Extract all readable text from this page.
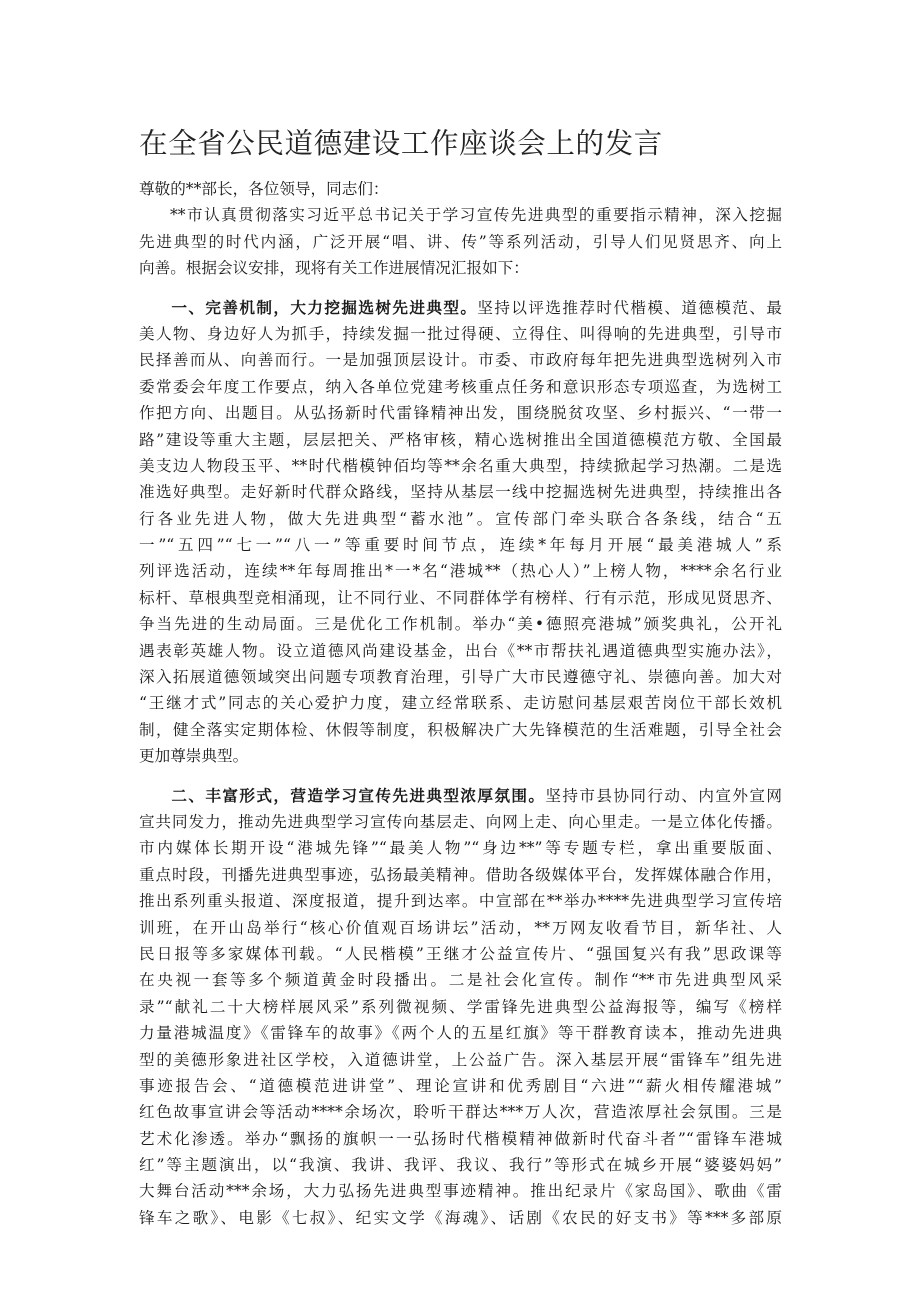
在全省公民道德建设工作座谈会上的发言
尊敬的**部长，各位领导，同志们：
**市认真贯彻落实习近平总书记关于学习宣传先进典型的重要指示精神，深入挖掘
先进典型的时代内涵，广泛开展“唱、讲、传”等系列活动，引导人们见贤思齐、向上
向善。根据会议安排，现将有关工作进展情况汇报如下：
一、完善机制，大力挖掘选树先进典型。坚持以评选推荐时代楷模、道德模范、最
美人物、身边好人为抓手，持续发掘一批过得硬、立得住、叫得响的先进典型，引导市
民择善而从、向善而行。一是加强顶层设计。市委、市政府每年把先进典型选树列入市
委常委会年度工作要点，纳入各单位党建考核重点任务和意识形态专项巡查，为选树工
作把方向、出题目。从弘扬新时代雷锋精神出发，围绕脱贫攻坚、乡村振兴、“一带一
路”建设等重大主题，层层把关、严格审核，精心选树推出全国道德模范方敬、全国最
美支边人物段玉平、**时代楷模钟佰均等**余名重大典型，持续掀起学习热潮。二是选
准选好典型。走好新时代群众路线，坚持从基层一线中挖掘选树先进典型，持续推出各
行各业先进人物，做大先进典型“蓄水池”。宣传部门牵头联合各条线，结合“五
一”“五四”“七一”“八一”等重要时间节点，连续*年每月开展“最美港城人”系
列评选活动，连续**年每周推出*一*名“港城**（热心人）”上榜人物，****余名行业
标杆、草根典型竞相涌现，让不同行业、不同群体学有榜样、行有示范，形成见贤思齐、
争当先进的生动局面。三是优化工作机制。举办“美•德照亮港城”颁奖典礼，公开礼
遇表彰英雄人物。设立道德风尚建设基金，出台《**市帮扶礼遇道德典型实施办法》，
深入拓展道德领域突出问题专项教育治理，引导广大市民遵德守礼、崇德向善。加大对
“王继才式”同志的关心爱护力度，建立经常联系、走访慰问基层艰苦岗位干部长效机
制，健全落实定期体检、休假等制度，积极解决广大先锋模范的生活难题，引导全社会
更加尊崇典型。
二、丰富形式，营造学习宣传先进典型浓厚氛围。坚持市县协同行动、内宣外宣网
宣共同发力，推动先进典型学习宣传向基层走、向网上走、向心里走。一是立体化传播。
市内媒体长期开设“港城先锋”“最美人物”“身边**”等专题专栏，拿出重要版面、
重点时段，刊播先进典型事迹，弘扬最美精神。借助各级媒体平台，发挥媒体融合作用，
推出系列重头报道、深度报道，提升到达率。中宣部在**举办****先进典型学习宣传培
训班，在开山岛举行“核心价值观百场讲坛”活动，**万网友收看节目，新华社、人
民日报等多家媒体刊载。“人民楷模”王继才公益宣传片、“强国复兴有我”思政课等
在央视一套等多个频道黄金时段播出。二是社会化宣传。制作“**市先进典型风采
录”“献礼二十大榜样展风采”系列微视频、学雷锋先进典型公益海报等，编写《榜样
力量港城温度》《雷锋车的故事》《两个人的五星红旗》等干群教育读本，推动先进典
型的美德形象进社区学校，入道德讲堂，上公益广告。深入基层开展“雷锋车”组先进
事迹报告会、“道德模范进讲堂”、理论宣讲和优秀剧目“六进”“薪火相传耀港城”
红色故事宣讲会等活动****余场次，聆听干群达***万人次，营造浓厚社会氛围。三是
艺术化渗透。举办“飘扬的旗帜一一弘扬时代楷模精神做新时代奋斗者”“雷锋车港城
红”等主题演出，以“我演、我讲、我评、我议、我行”等形式在城乡开展“婆婆妈妈”
大舞台活动***余场，大力弘扬先进典型事迹精神。推出纪录片《家岛国》、歌曲《雷
锋车之歌》、电影《七叔》、纪实文学《海魂》、话剧《农民的好支书》等***多部原
